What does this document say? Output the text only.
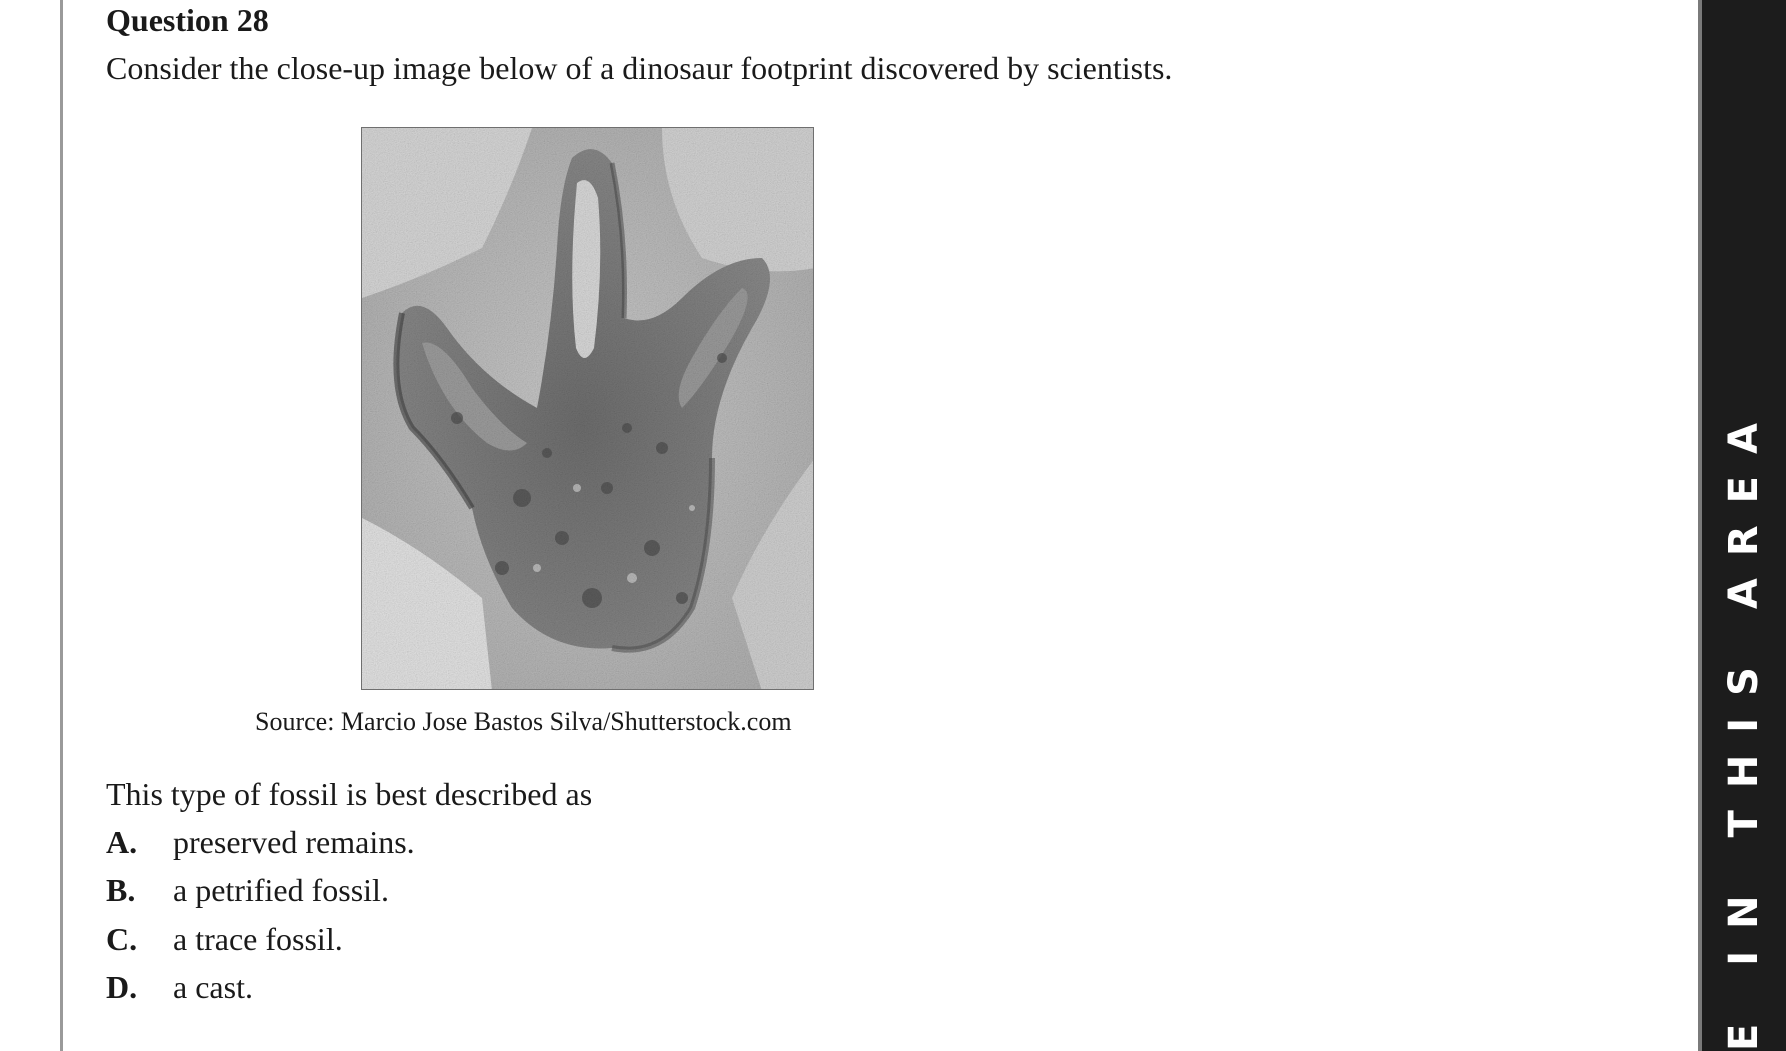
Question 28
Consider the close-up image below of a dinosaur footprint discovered by scientists.
Source: Marcio Jose Bastos Silva/Shutterstock.com
This type of fossil is best described as
A. preserved remains.
B. a petrified fossil.
C. a trace fossil.
D. a cast.	E IN THIS AREA
